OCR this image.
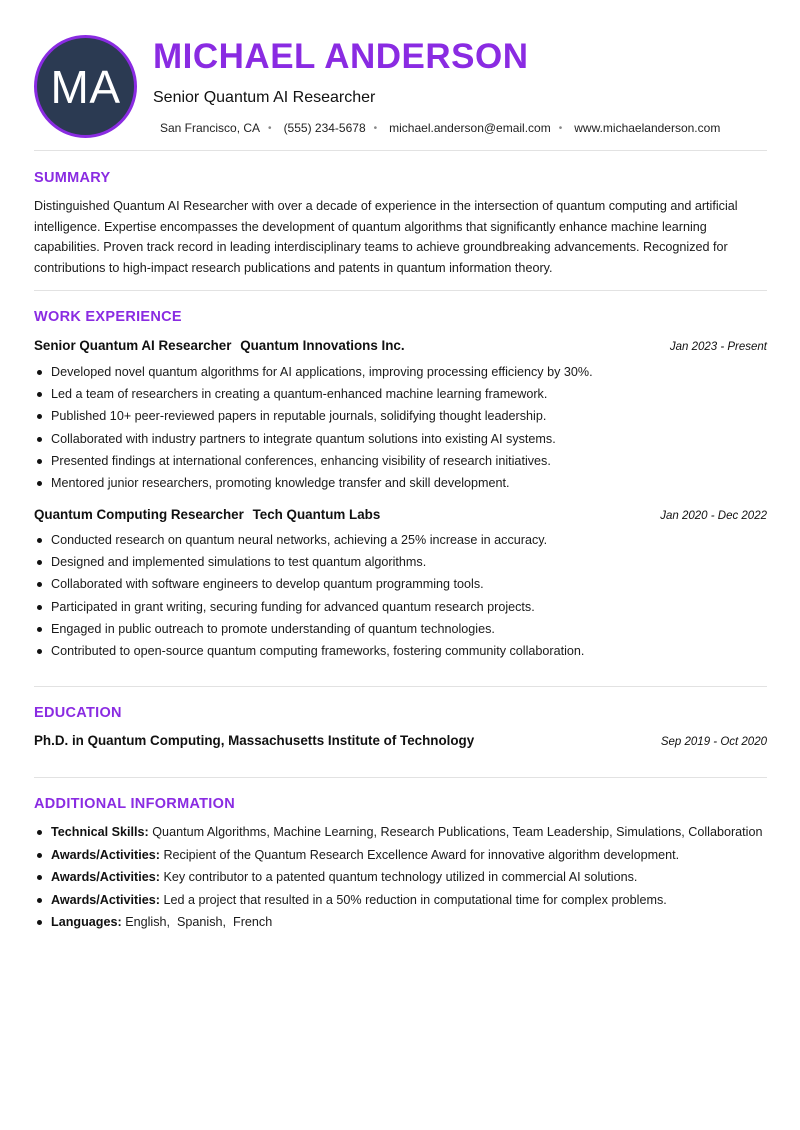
MA
MICHAEL ANDERSON
Senior Quantum AI Researcher
San Francisco, CA • (555) 234-5678 • michael.anderson@email.com • www.michaelanderson.com
SUMMARY
Distinguished Quantum AI Researcher with over a decade of experience in the intersection of quantum computing and artificial intelligence. Expertise encompasses the development of quantum algorithms that significantly enhance machine learning capabilities. Proven track record in leading interdisciplinary teams to achieve groundbreaking advancements. Recognized for contributions to high-impact research publications and patents in quantum information theory.
WORK EXPERIENCE
Senior Quantum AI Researcher Quantum Innovations Inc.	Jan 2023 - Present
Developed novel quantum algorithms for AI applications, improving processing efficiency by 30%.
Led a team of researchers in creating a quantum-enhanced machine learning framework.
Published 10+ peer-reviewed papers in reputable journals, solidifying thought leadership.
Collaborated with industry partners to integrate quantum solutions into existing AI systems.
Presented findings at international conferences, enhancing visibility of research initiatives.
Mentored junior researchers, promoting knowledge transfer and skill development.
Quantum Computing Researcher Tech Quantum Labs	Jan 2020 - Dec 2022
Conducted research on quantum neural networks, achieving a 25% increase in accuracy.
Designed and implemented simulations to test quantum algorithms.
Collaborated with software engineers to develop quantum programming tools.
Participated in grant writing, securing funding for advanced quantum research projects.
Engaged in public outreach to promote understanding of quantum technologies.
Contributed to open-source quantum computing frameworks, fostering community collaboration.
EDUCATION
Ph.D. in Quantum Computing, Massachusetts Institute of Technology	Sep 2019 - Oct 2020
ADDITIONAL INFORMATION
Technical Skills: Quantum Algorithms, Machine Learning, Research Publications, Team Leadership, Simulations, Collaboration
Awards/Activities: Recipient of the Quantum Research Excellence Award for innovative algorithm development.
Awards/Activities: Key contributor to a patented quantum technology utilized in commercial AI solutions.
Awards/Activities: Led a project that resulted in a 50% reduction in computational time for complex problems.
Languages: English,  Spanish,  French
